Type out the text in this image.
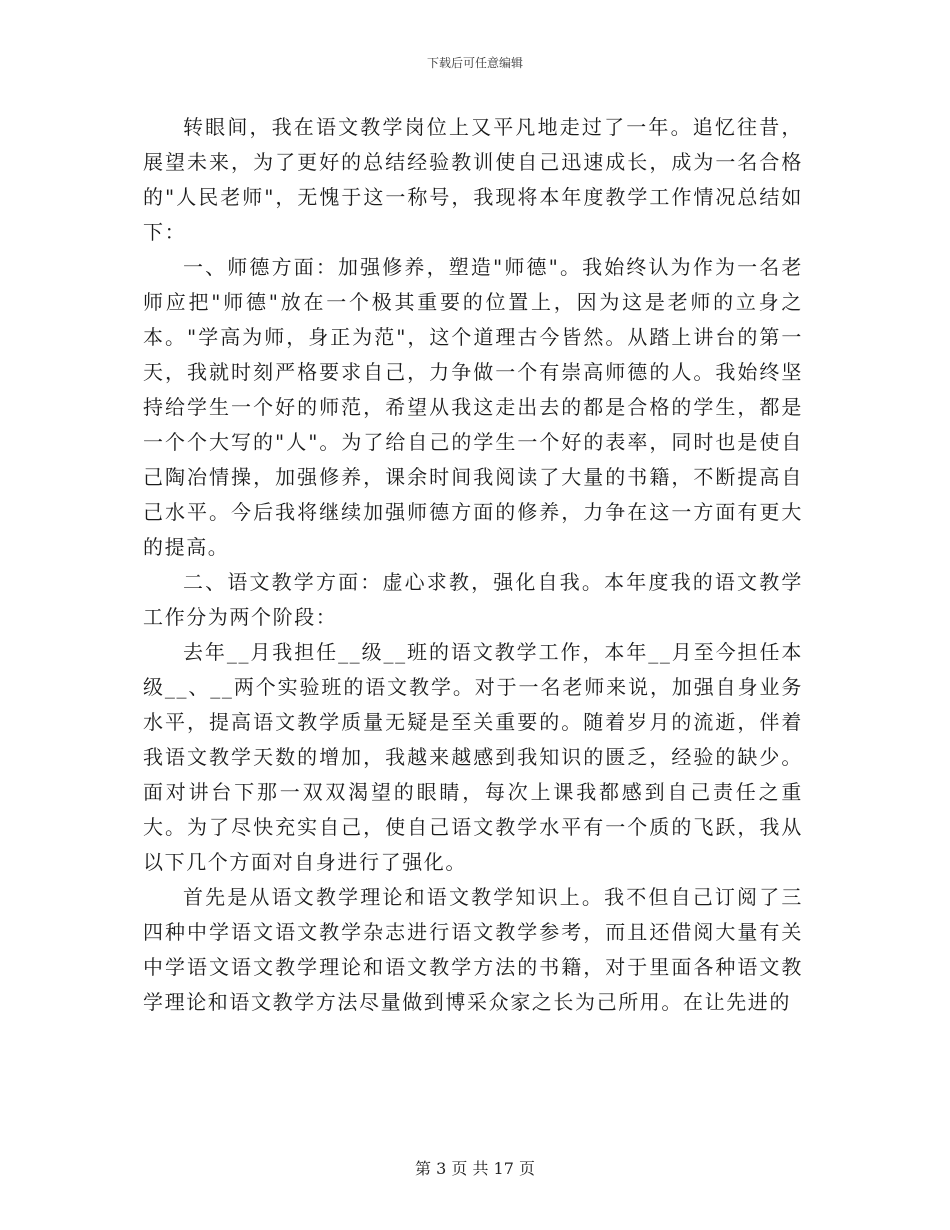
下载后可任意编辑

转眼间，我在语文教学岗位上又平凡地走过了一年。追忆往昔，展望未来，为了更好的总结经验教训使自己迅速成长，成为一名合格的"人民老师"，无愧于这一称号，我现将本年度教学工作情况总结如下：

一、师德方面：加强修养，塑造"师德"。我始终认为作为一名老师应把"师德"放在一个极其重要的位置上，因为这是老师的立身之本。"学高为师，身正为范"，这个道理古今皆然。从踏上讲台的第一天，我就时刻严格要求自己，力争做一个有崇高师德的人。我始终坚持给学生一个好的师范，希望从我这走出去的都是合格的学生，都是一个个大写的"人"。为了给自己的学生一个好的表率，同时也是使自己陶冶情操，加强修养，课余时间我阅读了大量的书籍，不断提高自己水平。今后我将继续加强师德方面的修养，力争在这一方面有更大的提高。

二、语文教学方面：虚心求教，强化自我。本年度我的语文教学工作分为两个阶段：

去年__月我担任__级__班的语文教学工作，本年__月至今担任本级__、__两个实验班的语文教学。对于一名老师来说，加强自身业务水平，提高语文教学质量无疑是至关重要的。随着岁月的流逝，伴着我语文教学天数的增加，我越来越感到我知识的匮乏，经验的缺少。面对讲台下那一双双渴望的眼睛，每次上课我都感到自己责任之重大。为了尽快充实自己，使自己语文教学水平有一个质的飞跃，我从以下几个方面对自身进行了强化。

首先是从语文教学理论和语文教学知识上。我不但自己订阅了三四种中学语文语文教学杂志进行语文教学参考，而且还借阅大量有关中学语文语文教学理论和语文教学方法的书籍，对于里面各种语文教学理论和语文教学方法尽量做到博采众家之长为己所用。在让先进的

第 3 页 共 17 页
